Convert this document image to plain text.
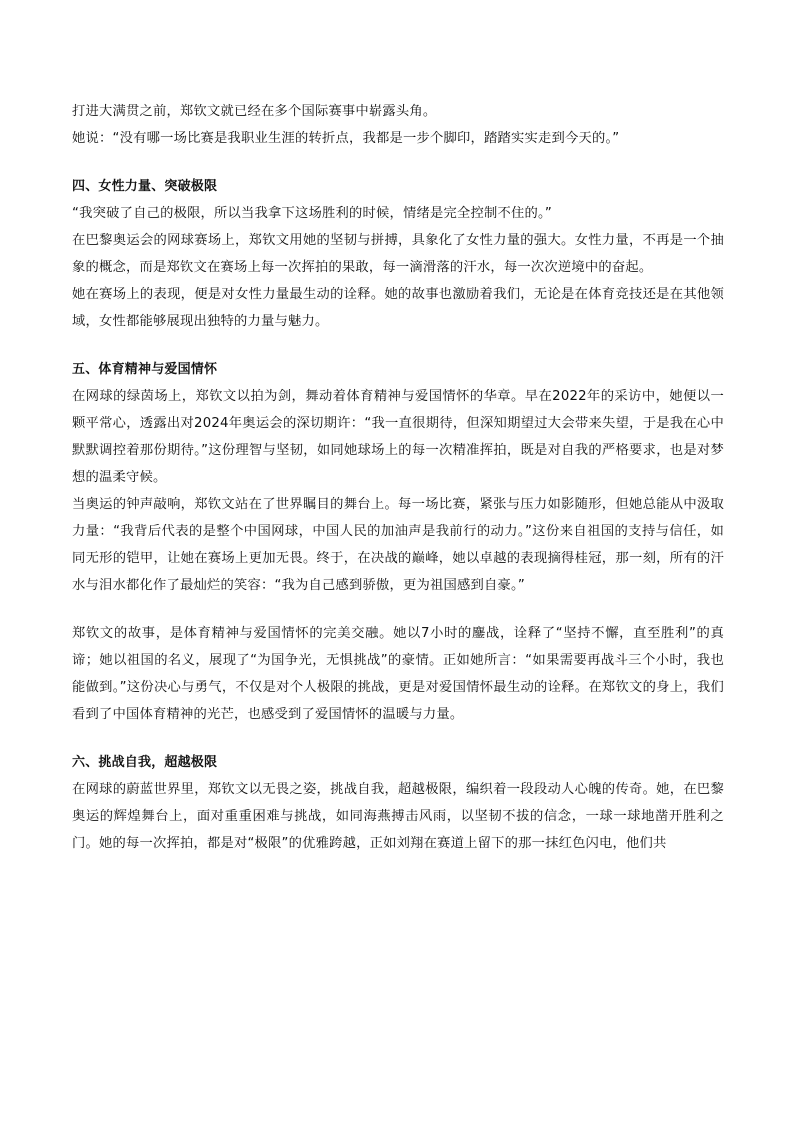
打进大满贯之前，郑钦文就已经在多个国际赛事中崭露头角。

她说：“没有哪一场比赛是我职业生涯的转折点，我都是一步个脚印，踏踏实实走到今天的。”

四、女性力量、突破极限

“我突破了自己的极限，所以当我拿下这场胜利的时候，情绪是完全控制不住的。”

在巴黎奥运会的网球赛场上，郑钦文用她的坚韧与拼搏，具象化了女性力量的强大。女性力量，不再是一个抽象的概念，而是郑钦文在赛场上每一次挥拍的果敢，每一滴滑落的汗水，每一次次逆境中的奋起。

她在赛场上的表现，便是对女性力量最生动的诠释。她的故事也激励着我们，无论是在体育竞技还是在其他领域，女性都能够展现出独特的力量与魅力。

五、体育精神与爱国情怀

在网球的绿茵场上，郑钦文以拍为剑，舞动着体育精神与爱国情怀的华章。早在2022年的采访中，她便以一颗平常心，透露出对2024年奥运会的深切期许：“我一直很期待，但深知期望过大会带来失望，于是我在心中默默调控着那份期待。”这份理智与坚韧，如同她球场上的每一次精准挥拍，既是对自我的严格要求，也是对梦想的温柔守候。

当奥运的钟声敲响，郑钦文站在了世界瞩目的舞台上。每一场比赛，紧张与压力如影随形，但她总能从中汲取力量：“我背后代表的是整个中国网球，中国人民的加油声是我前行的动力。”这份来自祖国的支持与信任，如同无形的铠甲，让她在赛场上更加无畏。终于，在决战的巅峰，她以卓越的表现摘得桂冠，那一刻，所有的汗水与泪水都化作了最灿烂的笑容：“我为自己感到骄傲，更为祖国感到自豪。”

郑钦文的故事，是体育精神与爱国情怀的完美交融。她以7小时的鏖战，诠释了“坚持不懈，直至胜利”的真谛；她以祖国的名义，展现了“为国争光，无惧挑战”的豪情。正如她所言：“如果需要再战斗三个小时，我也能做到。”这份决心与勇气，不仅是对个人极限的挑战，更是对爱国情怀最生动的诠释。在郑钦文的身上，我们看到了中国体育精神的光芒，也感受到了爱国情怀的温暖与力量。

六、挑战自我，超越极限

在网球的蔚蓝世界里，郑钦文以无畏之姿，挑战自我，超越极限，编织着一段段动人心魄的传奇。她，在巴黎奥运的辉煌舞台上，面对重重困难与挑战，如同海燕搏击风雨，以坚韧不拔的信念，一球一球地凿开胜利之门。她的每一次挥拍，都是对“极限”的优雅跨越，正如刘翔在赛道上留下的那一抹红色闪电，他们共
